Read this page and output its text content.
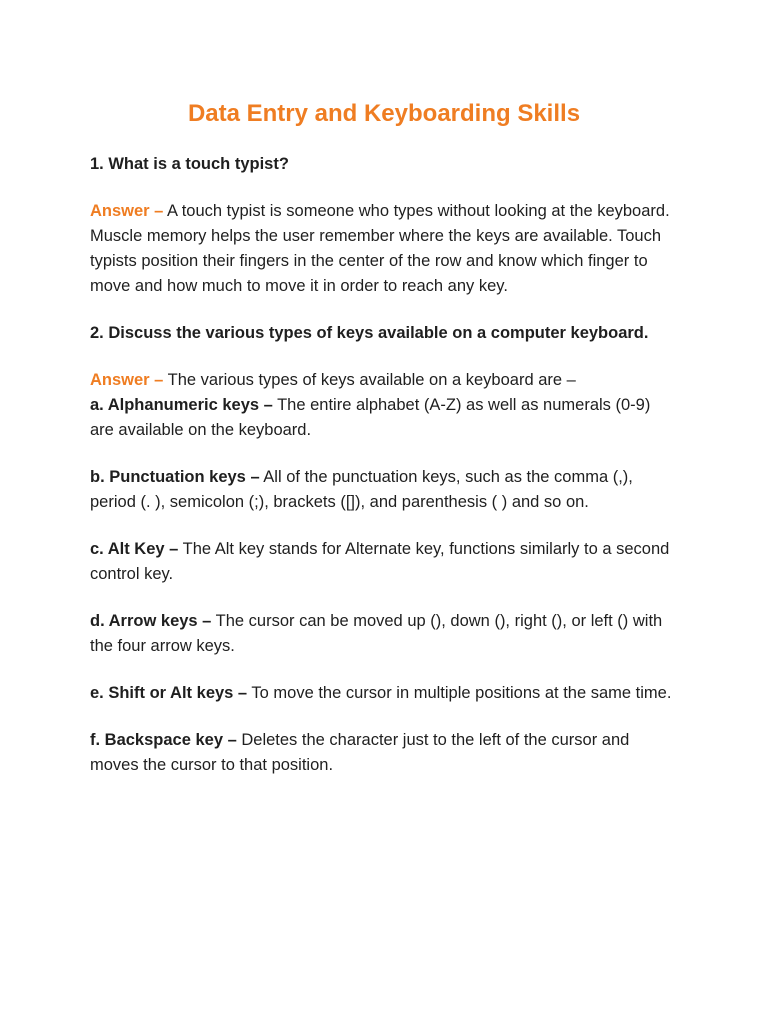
Data Entry and Keyboarding Skills

1. What is a touch typist?

Answer – A touch typist is someone who types without looking at the keyboard. Muscle memory helps the user remember where the keys are available. Touch typists position their fingers in the center of the row and know which finger to move and how much to move it in order to reach any key.

2. Discuss the various types of keys available on a computer keyboard.

Answer – The various types of keys available on a keyboard are –

a. Alphanumeric keys – The entire alphabet (A-Z) as well as numerals (0-9) are available on the keyboard.

b. Punctuation keys – All of the punctuation keys, such as the comma (,), period (. ), semicolon (;), brackets ([]), and parenthesis ( ) and so on.

c. Alt Key – The Alt key stands for Alternate key, functions similarly to a second control key.

d. Arrow keys – The cursor can be moved up (), down (), right (), or left () with the four arrow keys.

e. Shift or Alt keys – To move the cursor in multiple positions at the same time.

f. Backspace key – Deletes the character just to the left of the cursor and moves the cursor to that position.
